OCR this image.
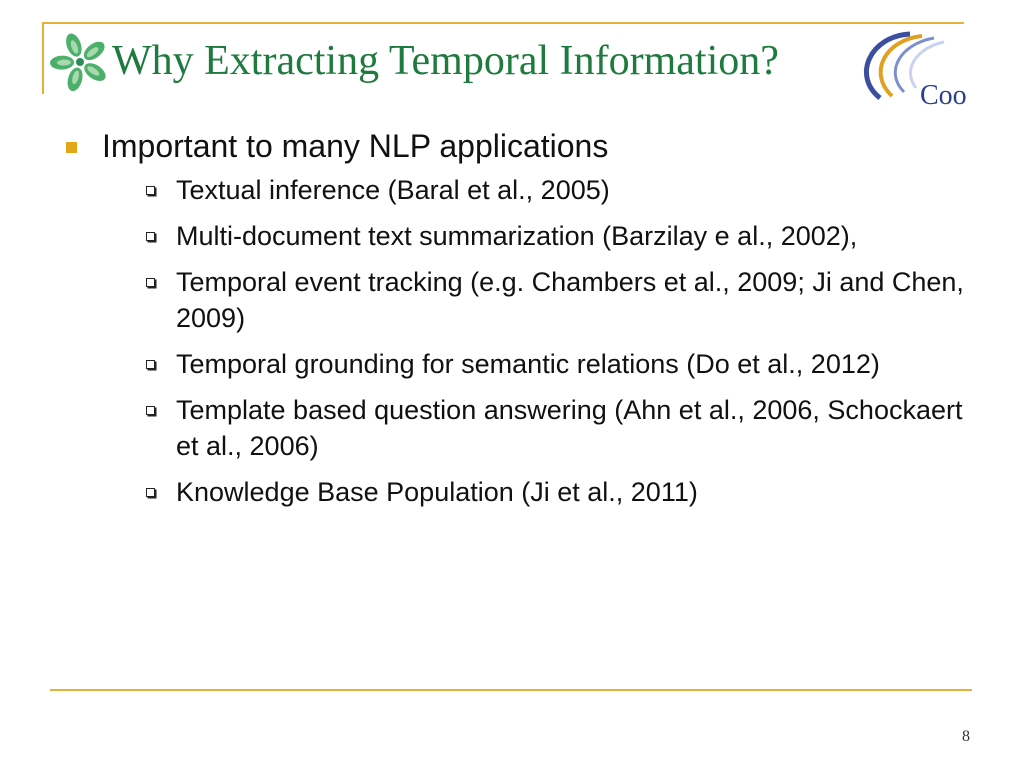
Why Extracting Temporal Information?
Coo
Important to many NLP applications
Textual inference (Baral et al., 2005)
Multi-document text summarization (Barzilay e al., 2002),
Temporal event tracking (e.g. Chambers et al., 2009; Ji and Chen, 2009)
Temporal grounding for semantic relations (Do et al., 2012)
Template based question answering (Ahn et al., 2006, Schockaert et al., 2006)
Knowledge Base Population (Ji et al., 2011)
8
